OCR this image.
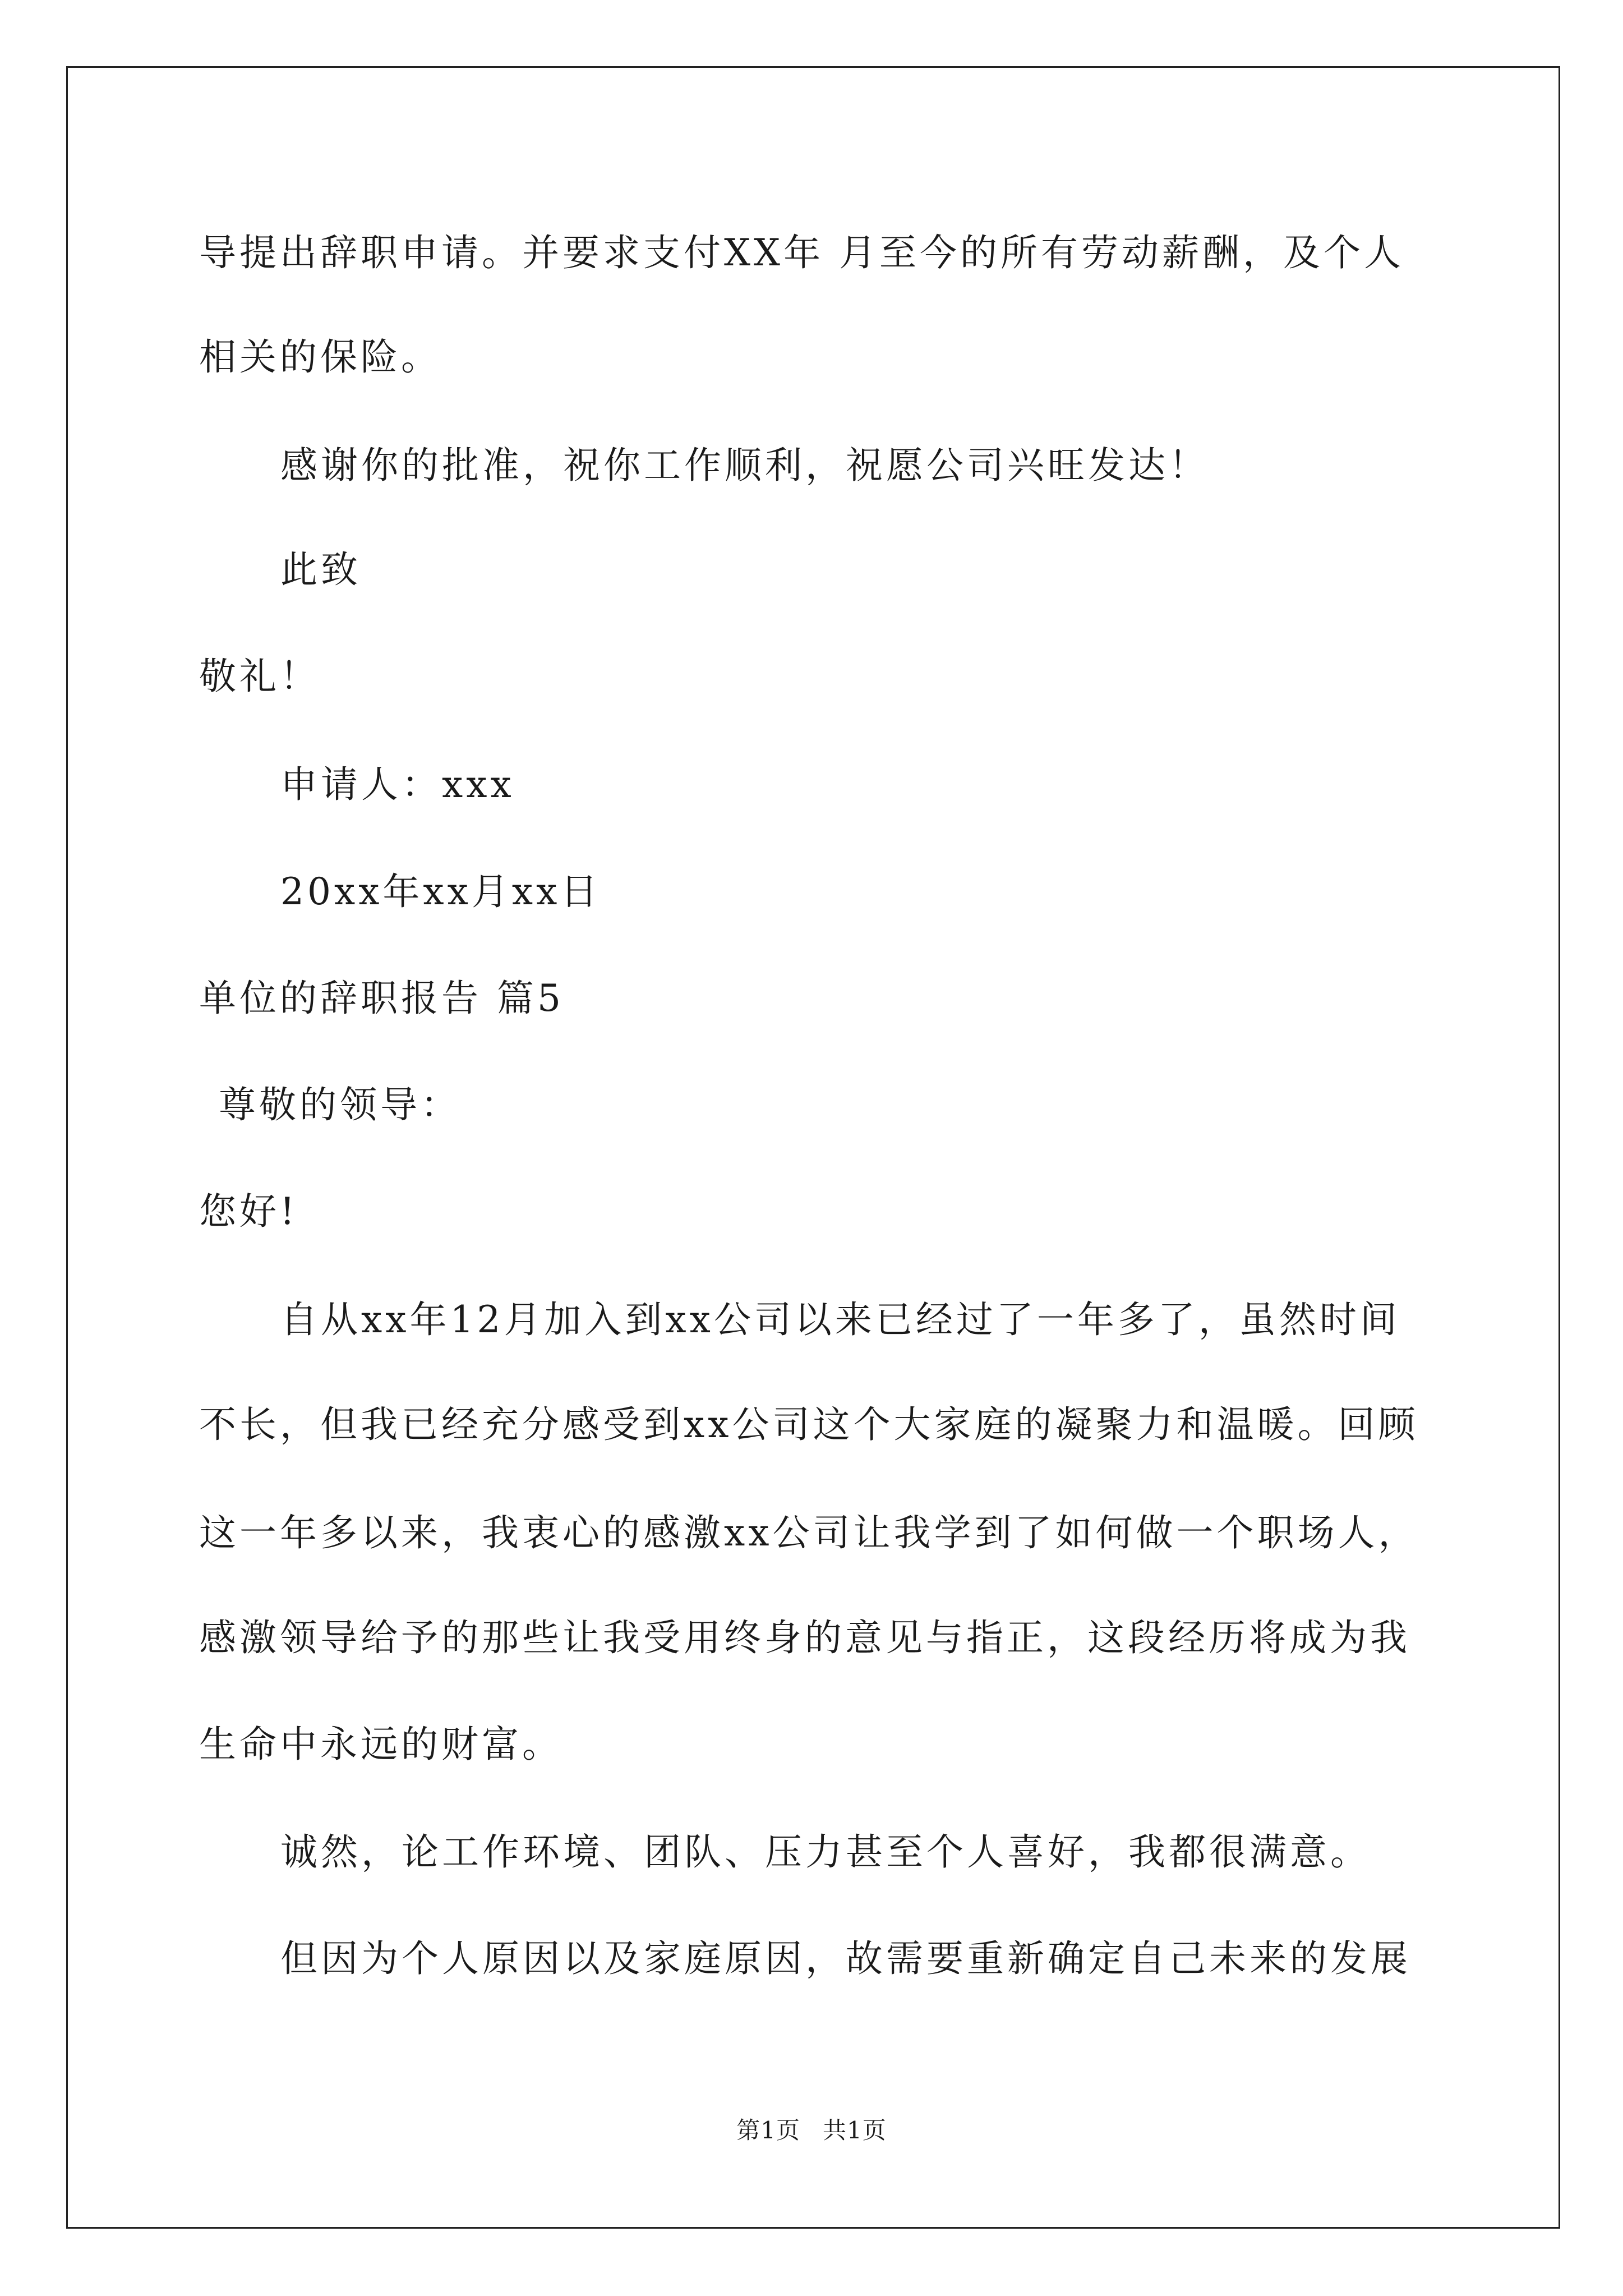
导提出辞职申请。并要求支付XX年 月至今的所有劳动薪酬，及个人
相关的保险。
感谢你的批准，祝你工作顺利，祝愿公司兴旺发达！
此致
敬礼！
申请人：xxx
20xx年xx月xx日
单位的辞职报告 篇5
尊敬的领导：
您好!
自从xx年12月加入到xx公司以来已经过了一年多了，虽然时间
不长，但我已经充分感受到xx公司这个大家庭的凝聚力和温暖。回顾
这一年多以来，我衷心的感激xx公司让我学到了如何做一个职场人，
感激领导给予的那些让我受用终身的意见与指正，这段经历将成为我
生命中永远的财富。
诚然，论工作环境、团队、压力甚至个人喜好，我都很满意。
但因为个人原因以及家庭原因，故需要重新确定自己未来的发展
第1页 共1页
